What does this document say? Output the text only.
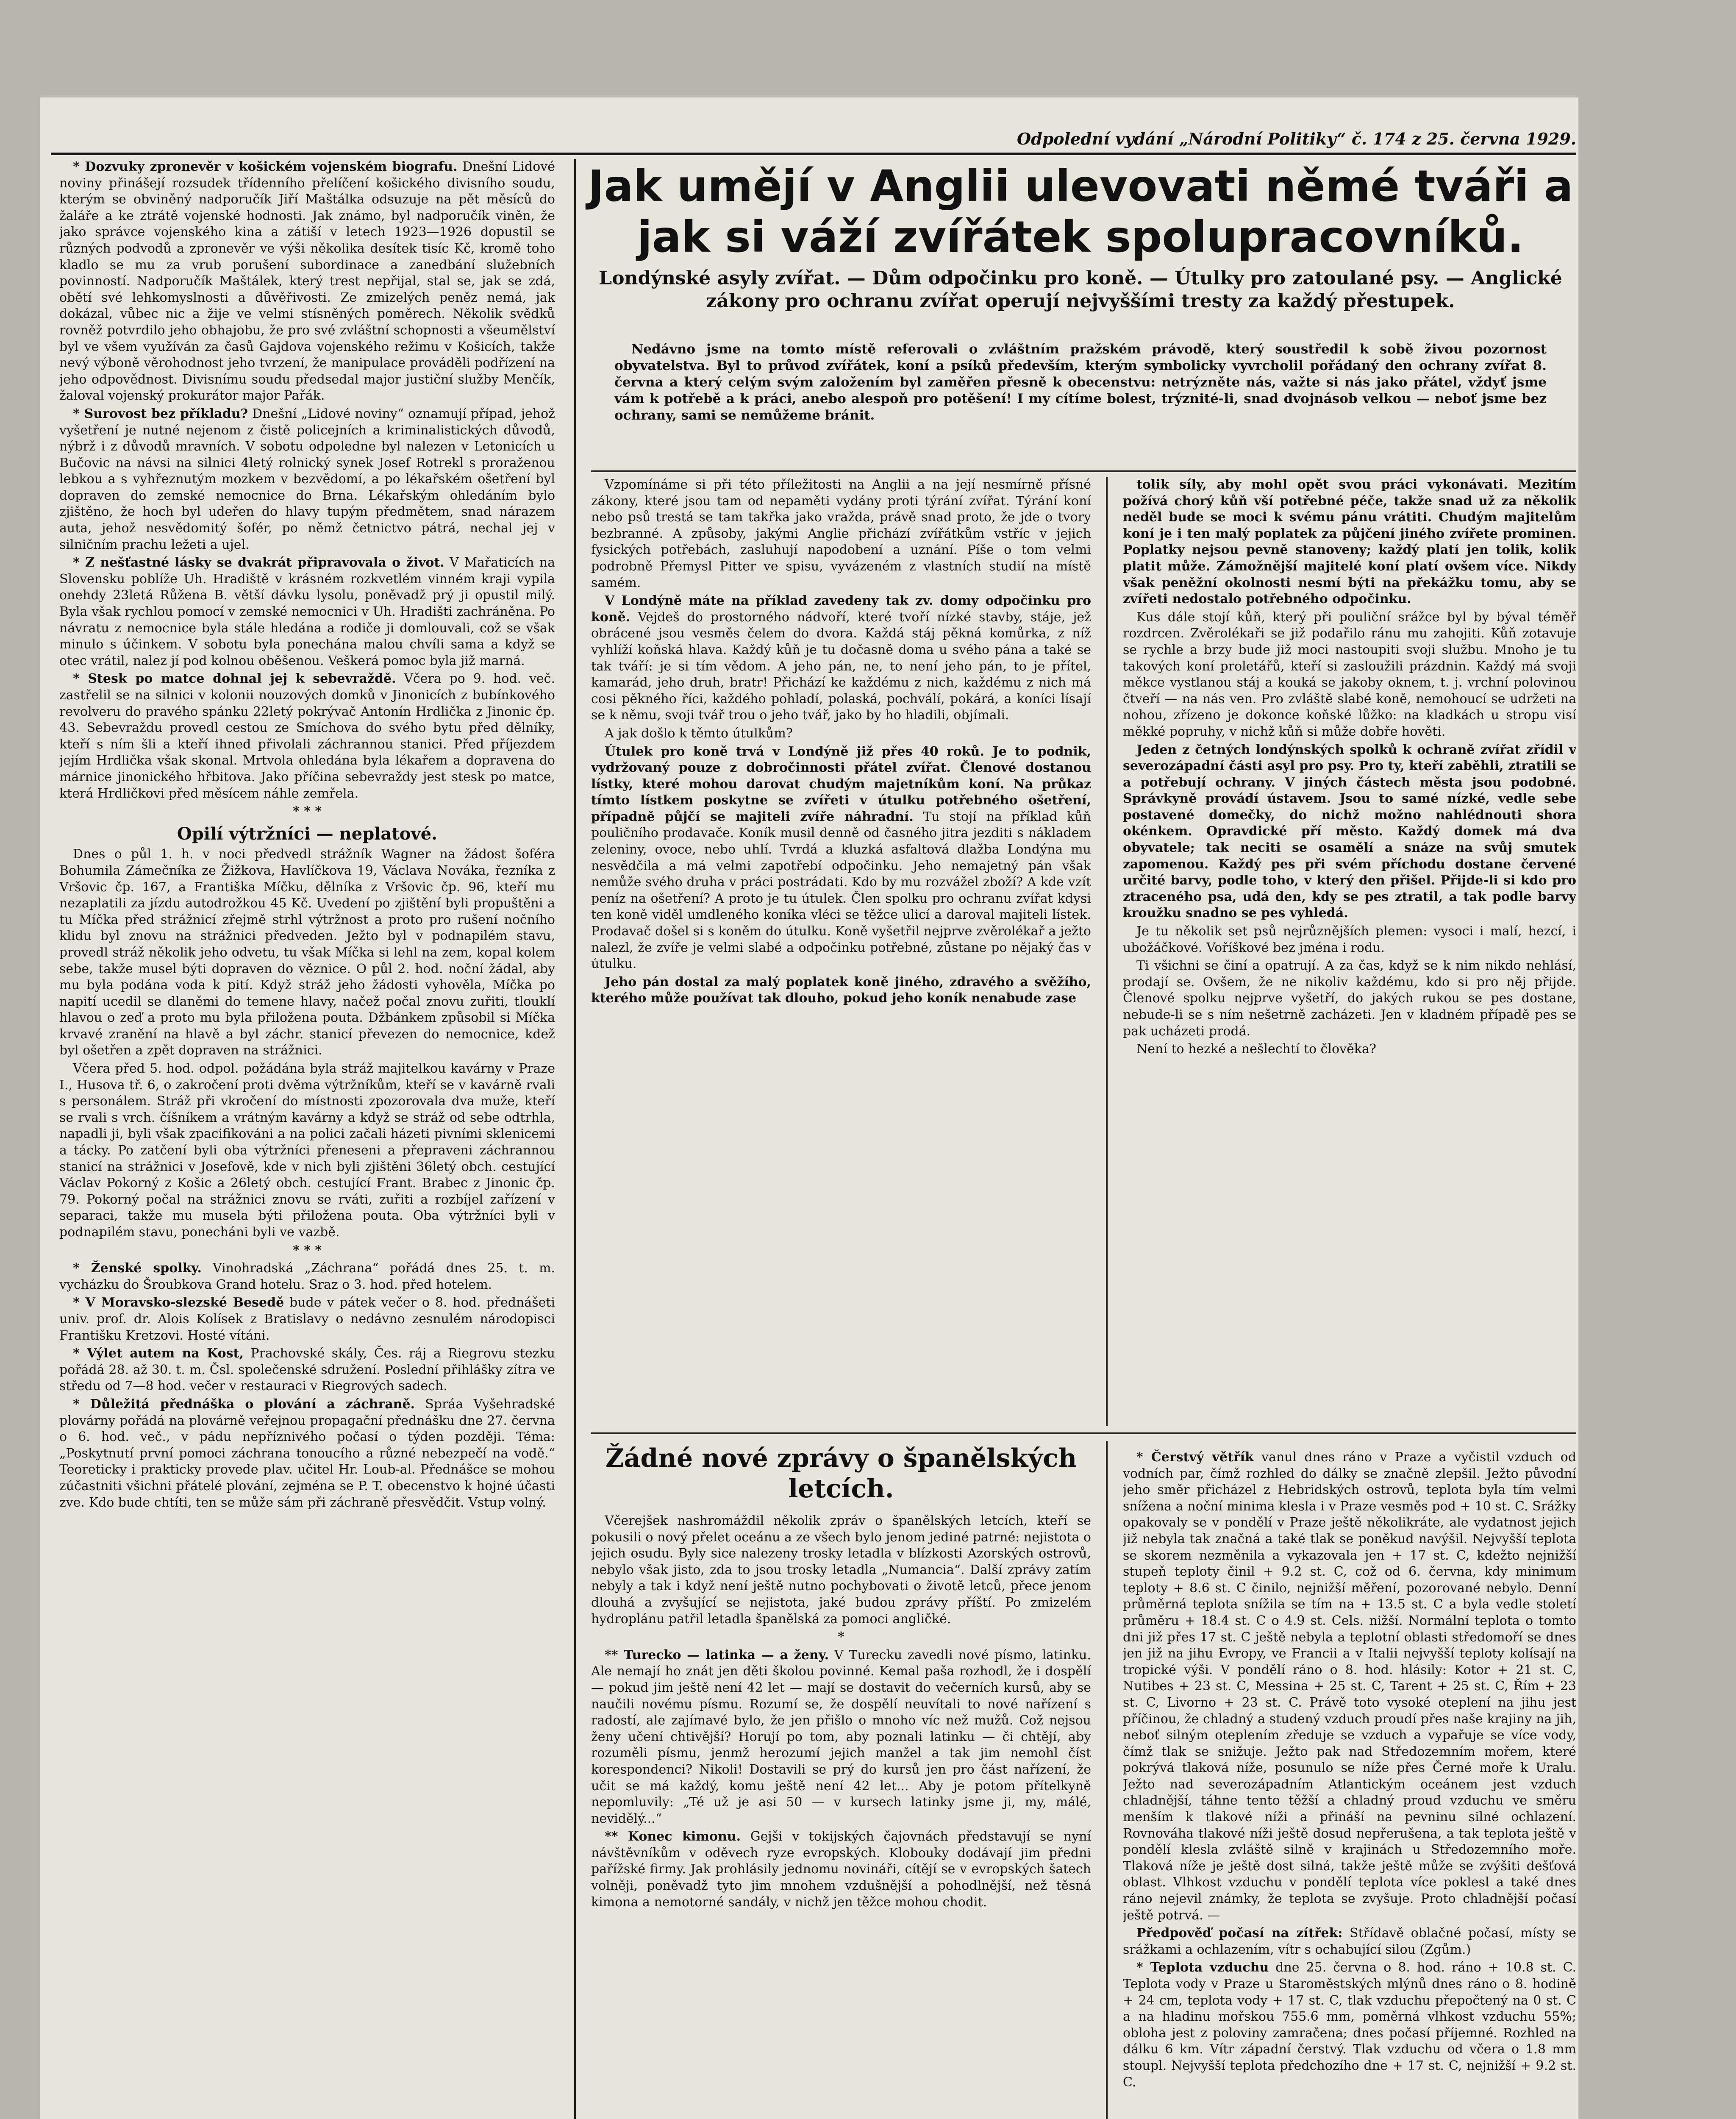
Odpolední vydání „Národní Politiky“ č. 174 z 25. června 1929.

* Dozvuky zpronevěr v košickém vojenském biografu. Dnešní Lidové noviny přinášejí rozsudek třídenního přelíčení košického divisního soudu, kterým se obviněný nadporučík Jiří Maštálka odsuzuje na pět měsíců do žaláře a ke ztrátě vojenské hodnosti. Jak známo, byl nadporučík viněn, že jako správce vojenského kina a zátiší v letech 1923—1926 dopustil se různých podvodů a zpronevěr ve výši několika desítek tisíc Kč, kromě toho kladlo se mu za vrub porušení subordinace a zanedbání služebních povinností. Nadporučík Maštálek, který trest nepřijal, stal se, jak se zdá, obětí své lehkomyslnosti a důvěřivosti. Ze zmizelých peněz nemá, jak dokázal, vůbec nic a žije ve velmi stísněných poměrech. Několik svědků rovněž potvrdilo jeho obhajobu, že pro své zvláštní schopnosti a všeumělství byl ve všem využíván za časů Gajdova vojenského režimu v Košicích, takže nevý výboně věrohodnost jeho tvrzení, že manipulace prováděli podřízení na jeho odpovědnost. Divisnímu soudu předsedal major justiční služby Menčík, žaloval vojenský prokurátor major Pařák.

* Surovost bez příkladu? Dnešní „Lidové noviny“ oznamují případ, jehož vyšetření je nutné nejenom z čistě policejních a kriminalistických důvodů, nýbrž i z důvodů mravních. V sobotu odpoledne byl nalezen v Letonicích u Bučovic na návsi na silnici 4letý rolnický synek Josef Rotrekl s proraženou lebkou a s vyhřeznutým mozkem v bezvědomí, a po lékařském ošetření byl dopraven do zemské nemocnice do Brna. Lékařským ohledáním bylo zjištěno, že hoch byl udeřen do hlavy tupým předmětem, snad nárazem auta, jehož nesvědomitý šofér, po němž četnictvo pátrá, nechal jej v silničním prachu ležeti a ujel.

* Z nešťastné lásky se dvakrát připravovala o život. V Mařaticích na Slovensku poblíže Uh. Hradiště v krásném rozkvetlém vinném kraji vypila onehdy 23letá Růžena B. větší dávku lysolu, poněvadž prý ji opustil milý. Byla však rychlou pomocí v zemské nemocnici v Uh. Hradišti zachráněna. Po návratu z nemocnice byla stále hledána a rodiče ji domlouvali, což se však minulo s účinkem. V sobotu byla ponechána malou chvíli sama a když se otec vrátil, nalez jí pod kolnou oběšenou. Veškerá pomoc byla již marná.

* Stesk po matce dohnal jej k sebevraždě. Včera po 9. hod. več. zastřelil se na silnici v kolonii nouzových domků v Jinonicích z bubínkového revolveru do pravého spánku 22letý pokrývač Antonín Hrdlička z Jinonic čp. 43. Sebevraždu provedl cestou ze Smíchova do svého bytu před dělníky, kteří s ním šli a kteří ihned přivolali záchrannou stanici. Před příjezdem jejím Hrdlička však skonal. Mrtvola ohledána byla lékařem a dopravena do márnice jinonického hřbitova. Jako příčina sebevraždy jest stesk po matce, která Hrdličkovi před měsícem náhle zemřela.

* * *

Opilí výtržníci — neplatové.

Dnes o půl 1. h. v noci předvedl strážník Wagner na žádost šoféra Bohumila Zámečníka ze Žižkova, Havlíčkova 19, Václava Nováka, řezníka z Vršovic čp. 167, a Františka Míčku, dělníka z Vršovic čp. 96, kteří mu nezaplatili za jízdu autodrožkou 45 Kč. Uvedení po zjištění byli propuštěni a tu Míčka před strážnicí zřejmě strhl výtržnost a proto pro rušení nočního klidu byl znovu na strážnici předveden. Ježto byl v podnapilém stavu, provedl stráž několik jeho odvetu, tu však Míčka si lehl na zem, kopal kolem sebe, takže musel býti dopraven do věznice. O půl 2. hod. noční žádal, aby mu byla podána voda k pití. Když stráž jeho žádosti vyhověla, Míčka po napití ucedil se dlaněmi do temene hlavy, načež počal znovu zuřiti, tlouklí hlavou o zeď a proto mu byla přiložena pouta. Džbánkem způsobil si Míčka krvavé zranění na hlavě a byl záchr. stanicí převezen do nemocnice, kdež byl ošetřen a zpět dopraven na strážnici.

Včera před 5. hod. odpol. požádána byla stráž majitelkou kavárny v Praze I., Husova tř. 6, o zakročení proti dvěma výtržníkům, kteří se v kavárně rvali s personálem. Stráž při vkročení do místnosti zpozorovala dva muže, kteří se rvali s vrch. číšníkem a vrátným kavárny a když se stráž od sebe odtrhla, napadli ji, byli však zpacifikováni a na polici začali házeti pivními sklenicemi a tácky. Po zatčení byli oba výtržníci přeneseni a přepraveni záchrannou stanicí na strážnici v Josefově, kde v nich byli zjištěni 36letý obch. cestující Václav Pokorný z Košic a 26letý obch. cestující Frant. Brabec z Jinonic čp. 79. Pokorný počal na strážnici znovu se rváti, zuřiti a rozbíjel zařízení v separaci, takže mu musela býti přiložena pouta. Oba výtržníci byli v podnapilém stavu, ponecháni byli ve vazbě.

* * *

* Ženské spolky. Vinohradská „Záchrana“ pořádá dnes 25. t. m. vycházku do Šroubkova Grand hotelu. Sraz o 3. hod. před hotelem.

* V Moravsko-slezské Besedě bude v pátek večer o 8. hod. přednášeti univ. prof. dr. Alois Kolísek z Bratislavy o nedávno zesnulém národopisci Františku Kretzovi. Hosté vítáni.

* Výlet autem na Kost, Prachovské skály, Čes. ráj a Riegrovu stezku pořádá 28. až 30. t. m. Čsl. společenské sdružení. Poslední přihlášky zítra ve středu od 7—8 hod. večer v restauraci v Riegrových sadech.

* Důležitá přednáška o plování a záchraně. Spráa Vyšehradské plovárny pořádá na plovárně veřejnou propagační přednášku dne 27. června o 6. hod. več., v pádu nepříznivého počasí o týden později. Téma: „Poskytnutí první pomoci záchrana tonoucího a různé nebezpečí na vodě.“ Teoreticky i prakticky provede plav. učitel Hr. Loub-al. Přednášce se mohou zúčastniti všichni přátelé plování, zejména se P. T. obecenstvo k hojné účasti zve. Kdo bude chtíti, ten se může sám při záchraně přesvědčit. Vstup volný.

Jak umějí v Anglii ulevovati němé tváři a jak si váží zvířátek spolupracovníků.
Londýnské asyly zvířat. — Dům odpočinku pro koně. — Útulky pro zatoulané psy. — Anglické zákony pro ochranu zvířat operují nejvyššími tresty za každý přestupek.
Nedávno jsme na tomto místě referovali o zvláštním pražském právodě, který soustředil k sobě živou pozornost obyvatelstva. Byl to průvod zvířátek, koní a psíků především, kterým symbolicky vyvrcholil pořádaný den ochrany zvířat 8. června a který celým svým založením byl zaměřen přesně k obecenstvu: netrýzněte nás, važte si nás jako přátel, vždyť jsme vám k potřebě a k práci, anebo alespoň pro potěšení! I my cítíme bolest, trýznité-li, snad dvojnásob velkou — neboť jsme bez ochrany, sami se nemůžeme bránit.

Vzpomínáme si při této příležitosti na Anglii a na její nesmírně přísné zákony, které jsou tam od nepaměti vydány proti týrání zvířat. Týrání koní nebo psů trestá se tam takřka jako vražda, právě snad proto, že jde o tvory bezbranné. A způsoby, jakými Anglie přichází zvířátkům vstříc v jejich fysických potřebách, zasluhují napodobení a uznání. Píše o tom velmi podrobně Přemysl Pitter ve spisu, vyvázeném z vlastních studií na místě samém.

V Londýně máte na příklad zavedeny tak zv. domy odpočinku pro koně. Vejdeš do prostorného nádvoří, které tvoří nízké stavby, stáje, jež obrácené jsou vesměs čelem do dvora. Každá stáj pěkná komůrka, z níž vyhlíží koňská hlava. Každý kůň je tu dočasně doma u svého pána a také se tak tváří: je si tím vědom. A jeho pán, ne, to není jeho pán, to je přítel, kamarád, jeho druh, bratr! Přichází ke každému z nich, každému z nich má cosi pěkného říci, každého pohladí, polaská, pochválí, pokárá, a koníci lísají se k němu, svoji tvář trou o jeho tvář, jako by ho hladili, objímali.

A jak došlo k těmto útulkům?

Útulek pro koně trvá v Londýně již přes 40 roků. Je to podnik, vydržovaný pouze z dobročinnosti přátel zvířat. Členové dostanou lístky, které mohou darovat chudým majetníkům koní. Na průkaz tímto lístkem poskytne se zvířeti v útulku potřebného ošetření, případně půjčí se majiteli zvíře náhradní. Tu stojí na příklad kůň pouličního prodavače. Koník musil denně od časného jitra jezditi s nákladem zeleniny, ovoce, nebo uhlí. Tvrdá a kluzká asfaltová dlažba Londýna mu nesvědčila a má velmi zapotřebí odpočinku. Jeho nemajetný pán však nemůže svého druha v práci postrádati. Kdo by mu rozvážel zboží? A kde vzít peníz na ošetření? A proto je tu útulek. Člen spolku pro ochranu zvířat kdysi ten koně viděl umdleného koníka vléci se těžce ulicí a daroval majiteli lístek. Prodavač došel si s koněm do útulku. Koně vyšetřil nejprve zvěrolékař a ježto nalezl, že zvíře je velmi slabé a odpočinku potřebné, zůstane po nějaký čas v útulku.

Jeho pán dostal za malý poplatek koně jiného, zdravého a svěžího, kterého může používat tak dlouho, pokud jeho koník nenabude zase

tolik síly, aby mohl opět svou práci vykonávati. Mezitím požívá chorý kůň vší potřebné péče, takže snad už za několik neděl bude se moci k svému pánu vrátiti. Chudým majitelům koní je i ten malý poplatek za půjčení jiného zvířete prominen. Poplatky nejsou pevně stanoveny; každý platí jen tolik, kolik platit může. Zámožnější majitelé koní platí ovšem více. Nikdy však peněžní okolnosti nesmí býti na překážku tomu, aby se zvířeti nedostalo potřebného odpočinku.

Kus dále stojí kůň, který při pouliční srážce byl by býval téměř rozdrcen. Zvěrolékaři se již podařilo ránu mu zahojiti. Kůň zotavuje se rychle a brzy bude již moci nastoupiti svoji službu. Mnoho je tu takových koní proletářů, kteří si zasloužili prázdnin. Každý má svoji měkce vystlanou stáj a kouká se jakoby oknem, t. j. vrchní polovinou čtveří — na nás ven. Pro zvláště slabé koně, nemohoucí se udržeti na nohou, zřízeno je dokonce koňské lůžko: na kladkách u stropu visí měkké popruhy, v nichž kůň si může dobře hověti.

Jeden z četných londýnských spolků k ochraně zvířat zřídil v severozápadní části asyl pro psy. Pro ty, kteří zaběhli, ztratili se a potřebují ochrany. V jiných částech města jsou podobné. Správkyně provádí ústavem. Jsou to samé nízké, vedle sebe postavené domečky, do nichž možno nahlédnouti shora okénkem. Opravdické pří město. Každý domek má dva obyvatele; tak neciti se osamělí a snáze na svůj smutek zapomenou. Každý pes při svém příchodu dostane červené určité barvy, podle toho, v který den přišel. Přijde-li si kdo pro ztraceného psa, udá den, kdy se pes ztratil, a tak podle barvy kroužku snadno se pes vyhledá.

Je tu několik set psů nejrůznějších plemen: vysoci i malí, hezcí, i ubožáčkové. Voříškové bez jména i rodu.

Ti všichni se činí a opatrují. A za čas, když se k nim nikdo nehlásí, prodají se. Ovšem, že ne nikoliv každému, kdo si pro něj přijde. Členové spolku nejprve vyšetří, do jakých rukou se pes dostane, nebude-li se s ním nešetrně zacházeti. Jen v kladném případě pes se pak ucházeti prodá.

Není to hezké a nešlechtí to člověka?

Žádné nové zprávy o španělských letcích.

Včerejšek nashromáždil několik zpráv o španělských letcích, kteří se pokusili o nový přelet oceánu a ze všech bylo jenom jediné patrné: nejistota o jejich osudu. Byly sice nalezeny trosky letadla v blízkosti Azorských ostrovů, nebylo však jisto, zda to jsou trosky letadla „Numancia“. Další zprávy zatím nebyly a tak i když není ještě nutno pochybovati o životě letců, přece jenom dlouhá a zvyšující se nejistota, jaké budou zprávy příští. Po zmizelém hydroplánu patřil letadla španělská za pomoci angličké.

*

** Turecko — latinka — a ženy. V Turecku zavedli nové písmo, latinku. Ale nemají ho znát jen děti školou povinné. Kemal paša rozhodl, že i dospělí — pokud jim ještě není 42 let — mají se dostavit do večerních kursů, aby se naučili novému písmu. Rozumí se, že dospělí neuvítali to nové nařízení s radostí, ale zajímavé bylo, že jen přišlo o mnoho víc než mužů. Což nejsou ženy učení chtivější? Horují po tom, aby poznali latinku — či chtějí, aby rozuměli písmu, jenmž herozumí jejich manžel a tak jim nemohl číst korespondenci? Nikoli! Dostavili se prý do kursů jen pro část nařízení, že učit se má každý, komu ještě není 42 let... Aby je potom přítelkyně nepomluvily: „Té už je asi 50 — v kursech latinky jsme ji, my, málé, nevidělý...“

** Konec kimonu. Gejši v tokijských čajovnách představují se nyní návštěvníkům v oděvech ryze evropských. Klobouky dodávají jim předni pařížské firmy. Jak prohlásily jednomu novináři, cítějí se v evropských šatech volněji, poněvadž tyto jim mnohem vzdušnější a pohodlnější, než těsná kimona a nemotorné sandály, v nichž jen těžce mohou chodit.

* Čerstvý větřík vanul dnes ráno v Praze a vyčistil vzduch od vodních par, čímž rozhled do dálky se značně zlepšil. Ježto původní jeho směr přicházel z Hebridských ostrovů, teplota byla tím velmi snížena a noční minima klesla i v Praze vesměs pod + 10 st. C. Srážky opakovaly se v pondělí v Praze ještě několikráte, ale vydatnost jejich již nebyla tak značná a také tlak se poněkud navýšil. Nejvyšší teplota se skorem nezměnila a vykazovala jen + 17 st. C, kdežto nejnižší stupeň teploty činil + 9.2 st. C, což od 6. června, kdy minimum teploty + 8.6 st. C činilo, nejnižší měření, pozorované nebylo. Denní průměrná teplota snížila se tím na + 13.5 st. C a byla vedle století průměru + 18.4 st. C o 4.9 st. Cels. nižší. Normální teplota o tomto dni již přes 17 st. C ještě nebyla a teplotní oblasti středomoří se dnes jen již na jihu Evropy, ve Francii a v Italii nejvyšší teploty kolísají na tropické výši. V pondělí ráno o 8. hod. hlásily: Kotor + 21 st. C, Nutibes + 23 st. C, Messina + 25 st. C, Tarent + 25 st. C, Řím + 23 st. C, Livorno + 23 st. C. Právě toto vysoké oteplení na jihu jest příčinou, že chladný a studený vzduch proudí přes naše krajiny na jih, neboť silným oteplením zředuje se vzduch a vypařuje se více vody, čímž tlak se snižuje. Ježto pak nad Středozemním mořem, které pokrývá tlaková níže, posunulo se níže přes Černé moře k Uralu. Ježto nad severozápadním Atlantickým oceánem jest vzduch chladnější, táhne tento těžší a chladný proud vzduchu ve směru menším k tlakové níži a přináší na pevninu silné ochlazení. Rovnováha tlakové níži ještě dosud nepřerušena, a tak teplota ještě v pondělí klesla zvláště silně v krajinách u Středozemního moře. Tlaková níže je ještě dost silná, takže ještě může se zvýšiti dešťová oblast. Vlhkost vzduchu v pondělí teplota více poklesl a také dnes ráno nejevil známky, že teplota se zvyšuje. Proto chladnější počasí ještě potrvá. —

Předpověď počasí na zítřek: Střídavě oblačné počasí, místy se srážkami a ochlazením, vítr s ochabující silou (Zgům.)

* Teplota vzduchu dne 25. června o 8. hod. ráno + 10.8 st. C. Teplota vody v Praze u Staroměstských mlýnů dnes ráno o 8. hodině + 24 cm, teplota vody + 17 st. C, tlak vzduchu přepočtený na 0 st. C a na hladinu mořskou 755.6 mm, poměrná vlhkost vzduchu 55%; obloha jest z poloviny zamračena; dnes počasí příjemné. Rozhled na dálku 6 km. Vítr západní čerstvý. Tlak vzduchu od včera o 1.8 mm stoupl. Nejvyšší teplota předchozího dne + 17 st. C, nejnižší + 9.2 st. C.
